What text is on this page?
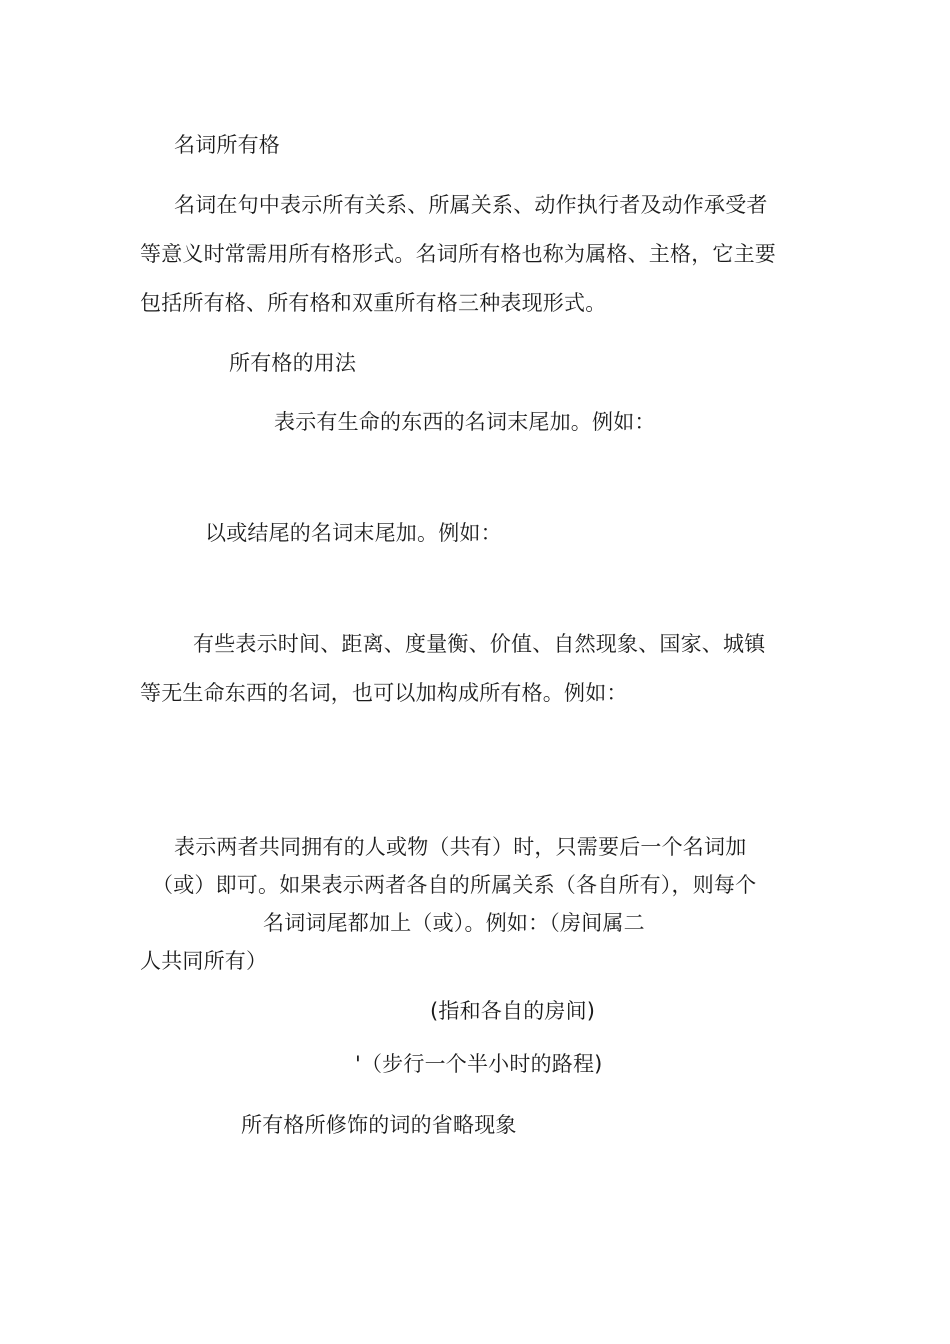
名词所有格
名词在句中表示所有关系、所属关系、动作执行者及动作承受者
等意义时常需用所有格形式。名词所有格也称为属格、主格，它主要
包括所有格、所有格和双重所有格三种表现形式。
所有格的用法
表示有生命的东西的名词末尾加。例如：
以或结尾的名词末尾加。例如：
有些表示时间、距离、度量衡、价值、自然现象、国家、城镇
等无生命东西的名词，也可以加构成所有格。例如：
表示两者共同拥有的人或物（共有）时，只需要后一个名词加
（或）即可。如果表示两者各自的所属关系（各自所有），则每个
名词词尾都加上（或）。例如：（房间属二
人共同所有）
(指和各自的房间)
'（步行一个半小时的路程)
所有格所修饰的词的省略现象
